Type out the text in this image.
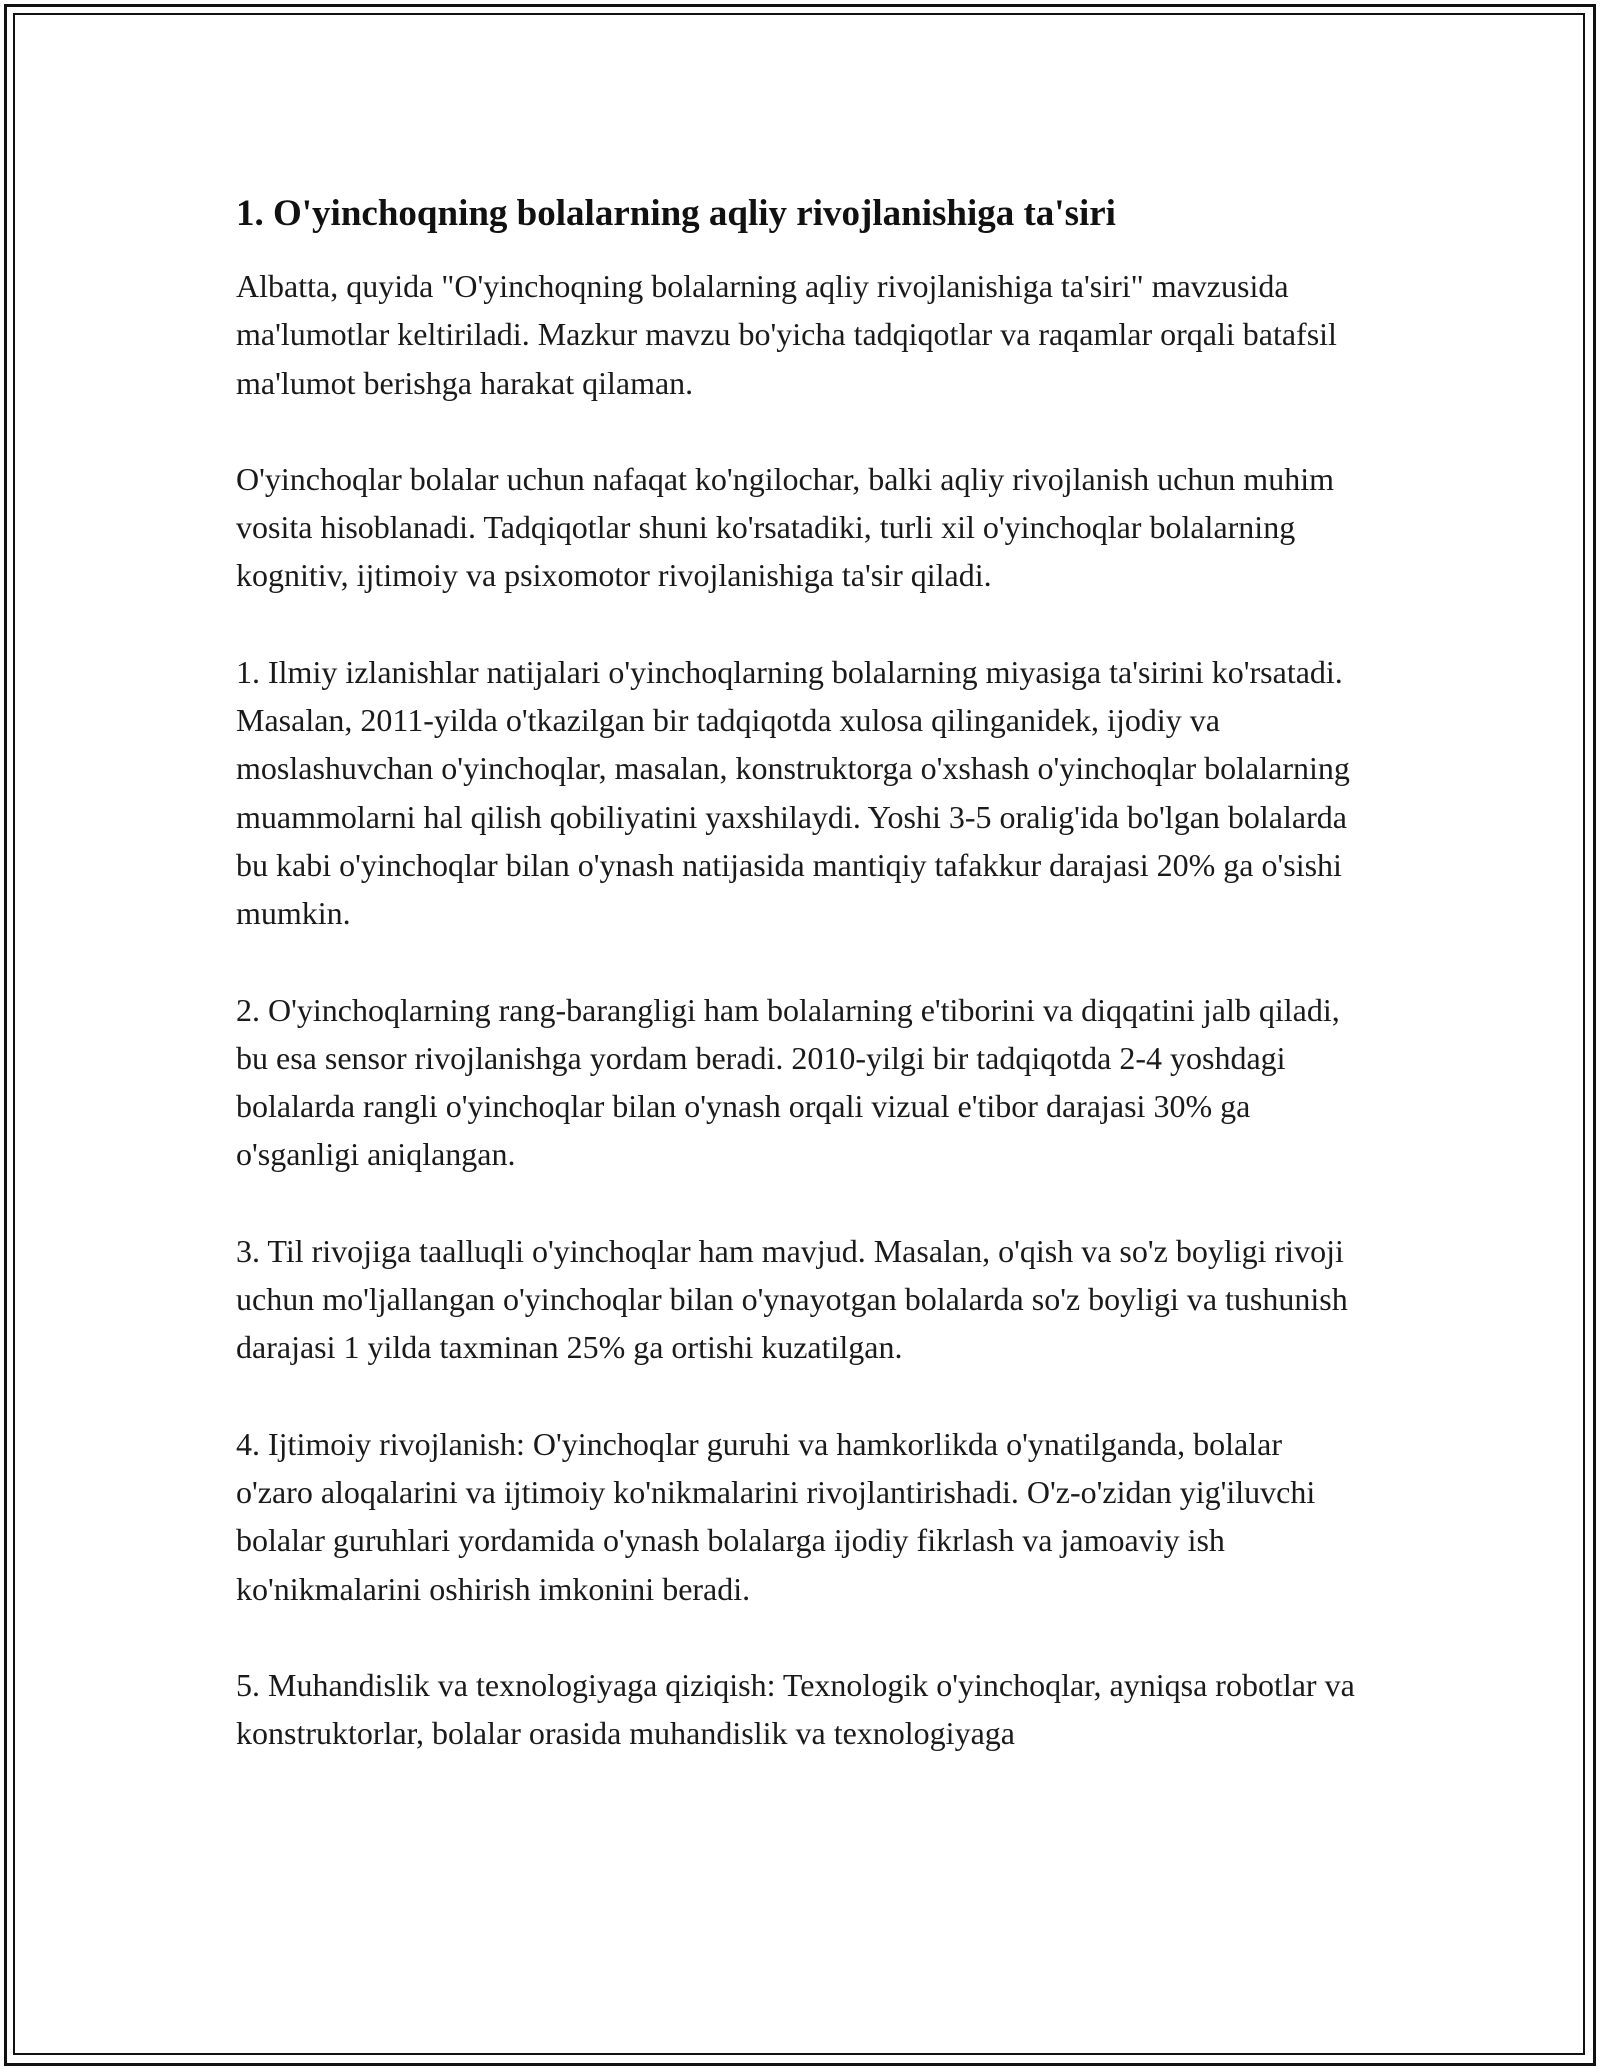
1. O'yinchoqning bolalarning aqliy rivojlanishiga ta'siri

Albatta, quyida "O'yinchoqning bolalarning aqliy rivojlanishiga ta'siri" mavzusida ma'lumotlar keltiriladi. Mazkur mavzu bo'yicha tadqiqotlar va raqamlar orqali batafsil ma'lumot berishga harakat qilaman.

O'yinchoqlar bolalar uchun nafaqat ko'ngilochar, balki aqliy rivojlanish uchun muhim vosita hisoblanadi. Tadqiqotlar shuni ko'rsatadiki, turli xil o'yinchoqlar bolalarning kognitiv, ijtimoiy va psixomotor rivojlanishiga ta'sir qiladi.

1. Ilmiy izlanishlar natijalari o'yinchoqlarning bolalarning miyasiga ta'sirini ko'rsatadi. Masalan, 2011-yilda o'tkazilgan bir tadqiqotda xulosa qilinganidek, ijodiy va moslashuvchan o'yinchoqlar, masalan, konstruktorga o'xshash o'yinchoqlar bolalarning muammolarni hal qilish qobiliyatini yaxshilaydi. Yoshi 3-5 oralig'ida bo'lgan bolalarda bu kabi o'yinchoqlar bilan o'ynash natijasida mantiqiy tafakkur darajasi 20% ga o'sishi mumkin.

2. O'yinchoqlarning rang-barangligi ham bolalarning e'tiborini va diqqatini jalb qiladi, bu esa sensor rivojlanishga yordam beradi. 2010-yilgi bir tadqiqotda 2-4 yoshdagi bolalarda rangli o'yinchoqlar bilan o'ynash orqali vizual e'tibor darajasi 30% ga o'sganligi aniqlangan.

3. Til rivojiga taalluqli o'yinchoqlar ham mavjud. Masalan, o'qish va so'z boyligi rivoji uchun mo'ljallangan o'yinchoqlar bilan o'ynayotgan bolalarda so'z boyligi va tushunish darajasi 1 yilda taxminan 25% ga ortishi kuzatilgan.

4. Ijtimoiy rivojlanish: O'yinchoqlar guruhi va hamkorlikda o'ynatilganda, bolalar o'zaro aloqalarini va ijtimoiy ko'nikmalarini rivojlantirishadi. O'z-o'zidan yig'iluvchi bolalar guruhlari yordamida o'ynash bolalarga ijodiy fikrlash va jamoaviy ish ko'nikmalarini oshirish imkonini beradi.

5. Muhandislik va texnologiyaga qiziqish: Texnologik o'yinchoqlar, ayniqsa robotlar va konstruktorlar, bolalar orasida muhandislik va texnologiyaga
